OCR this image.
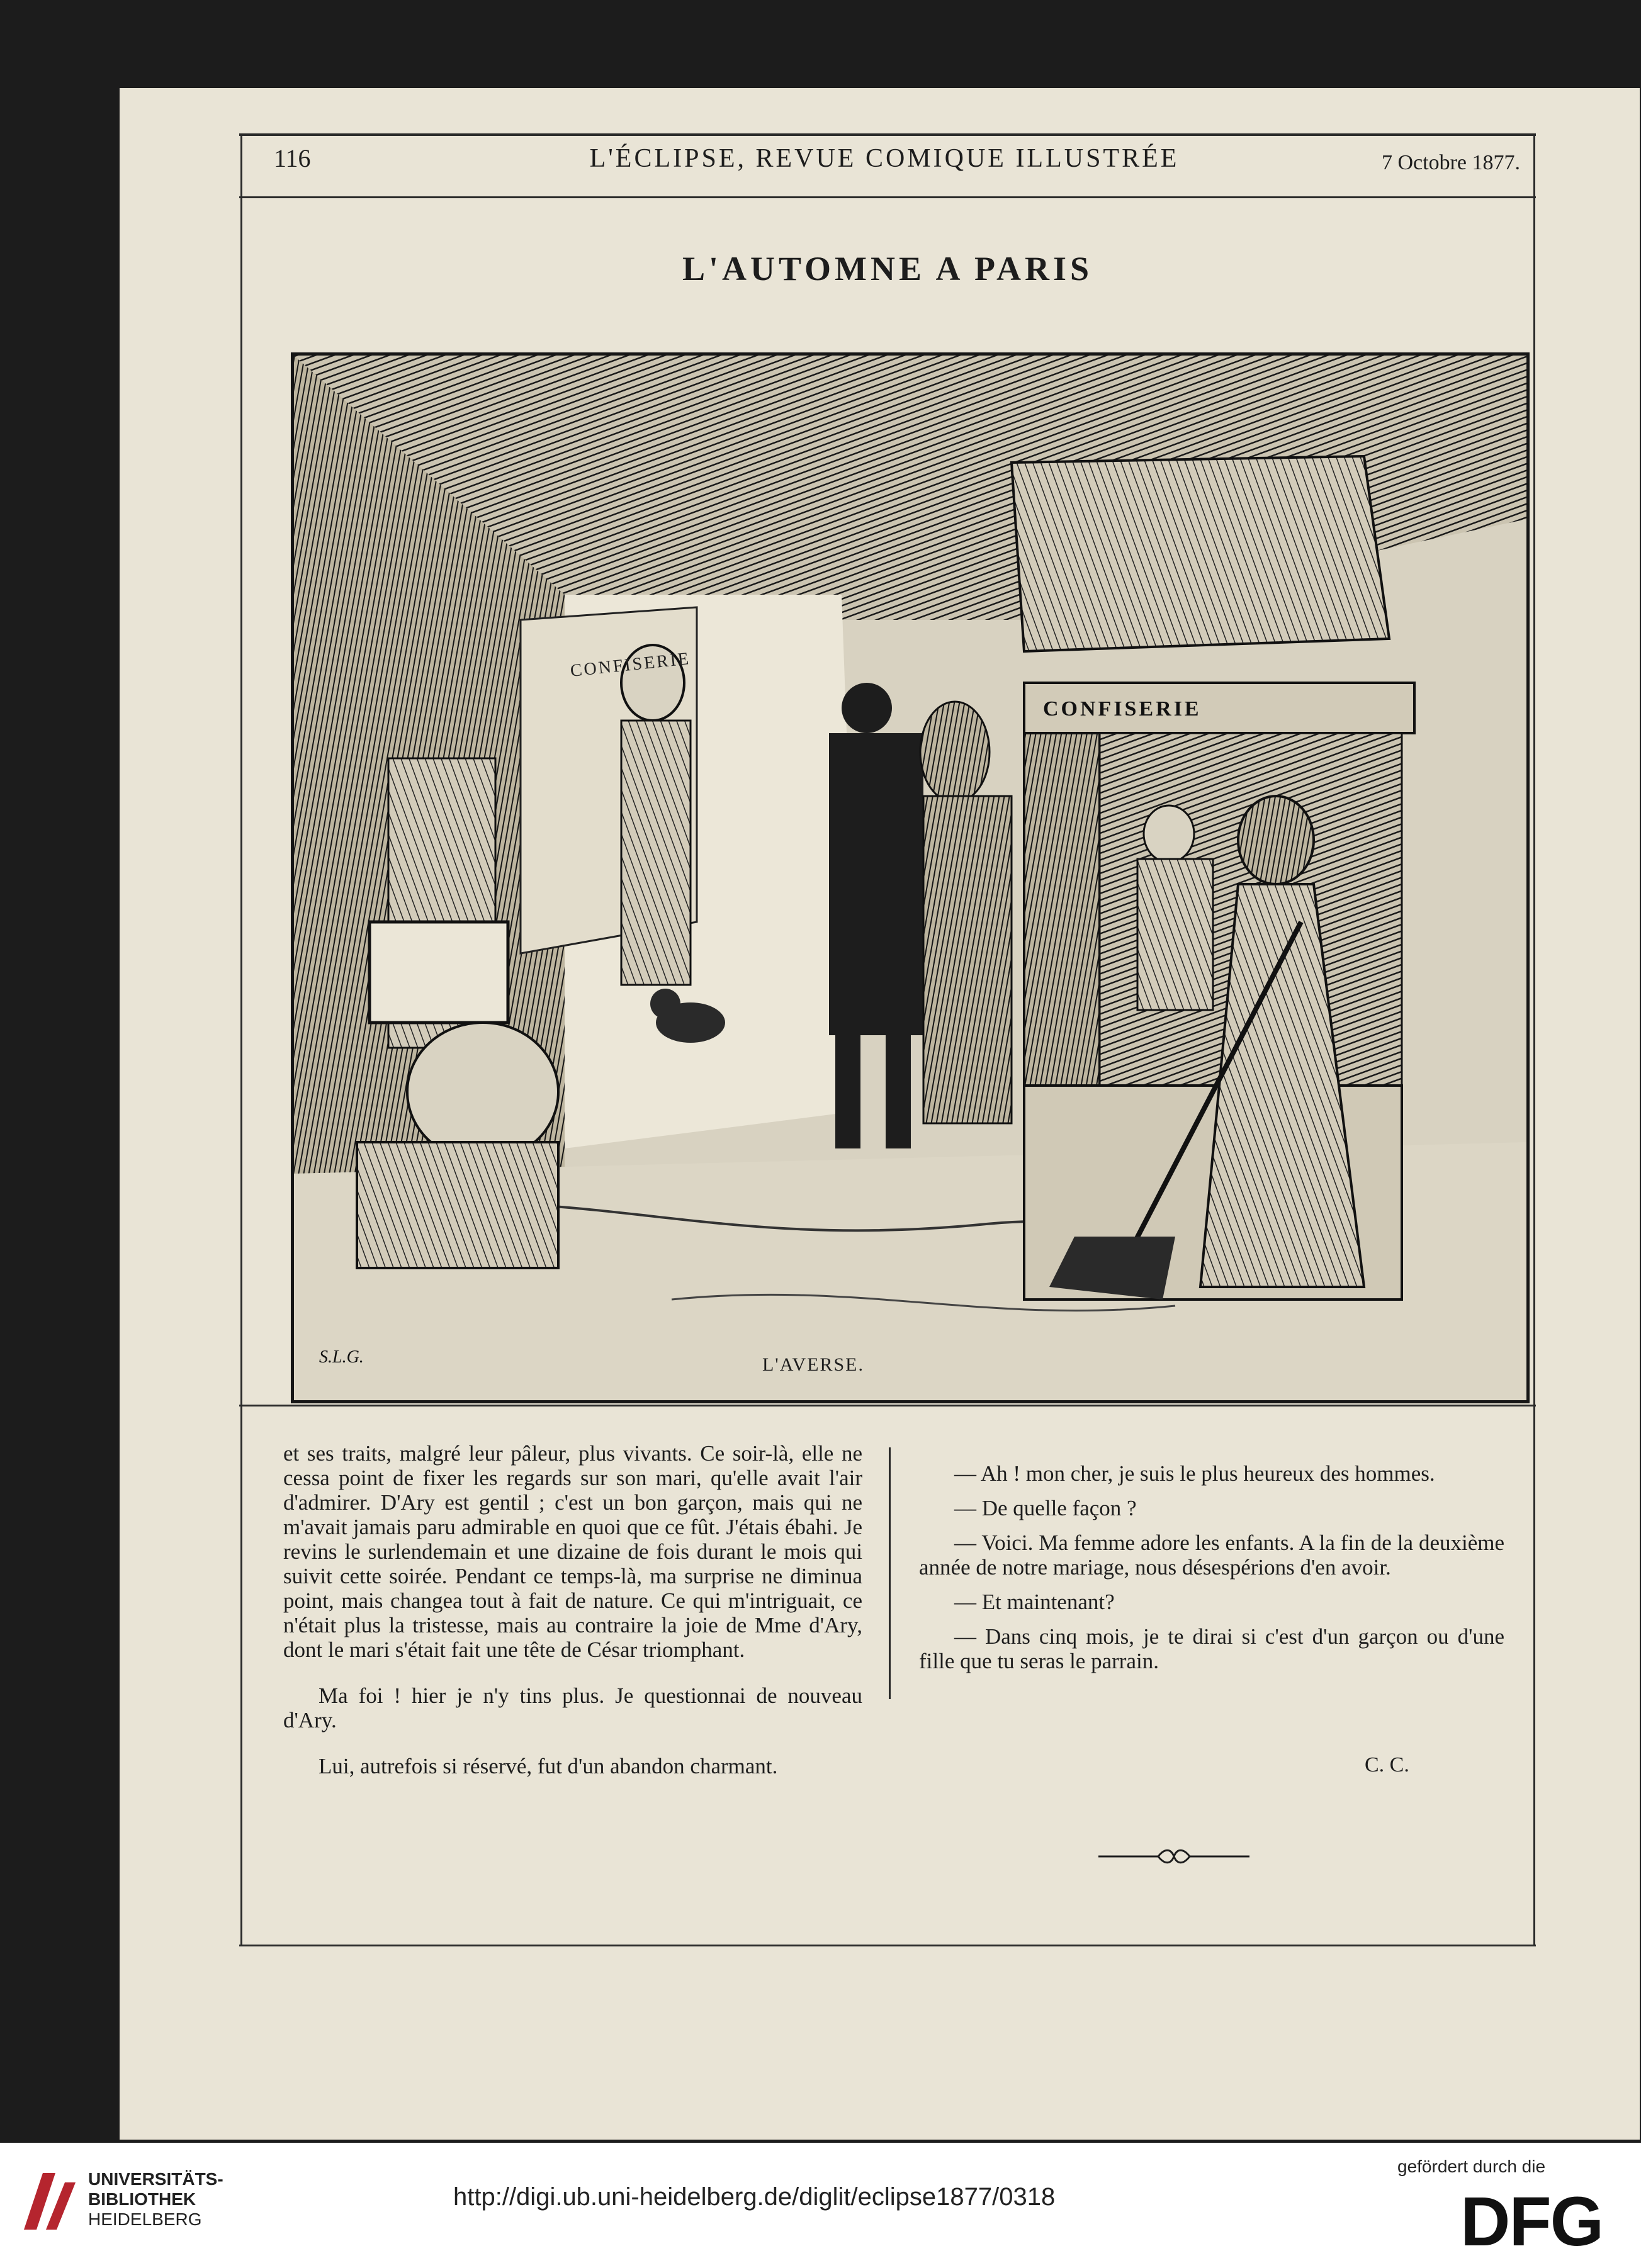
116	L'ÉCLIPSE, REVUE COMIQUE ILLUSTRÉE	7 Octobre 1877.
L'AUTOMNE A PARIS
CONFISERIE
CONFISERIE
S.L.G.	L'AVERSE.

et ses traits, malgré leur pâleur, plus vivants. Ce soir-là, elle ne cessa point de fixer les regards sur son mari, qu'elle avait l'air d'admirer. D'Ary est gentil ; c'est un bon garçon, mais qui ne m'avait jamais paru admirable en quoi que ce fût. J'étais ébahi. Je revins le surlendemain et une dizaine de fois durant le mois qui suivit cette soirée. Pendant ce temps-là, ma surprise ne diminua point, mais changea tout à fait de nature. Ce qui m'intriguait, ce n'était plus la tristesse, mais au contraire la joie de Mme d'Ary, dont le mari s'était fait une tête de César triomphant.

Ma foi ! hier je n'y tins plus. Je questionnai de nouveau d'Ary.

Lui, autrefois si réservé, fut d'un abandon charmant.

— Ah ! mon cher, je suis le plus heureux des hommes.

— De quelle façon ?

— Voici. Ma femme adore les enfants. A la fin de la deuxième année de notre mariage, nous désespérions d'en avoir.

— Et maintenant?

— Dans cinq mois, je te dirai si c'est d'un garçon ou d'une fille que tu seras le parrain.

C. C.
UNIVERSITÄTS-
BIBLIOTHEK
HEIDELBERG
http://digi.ub.uni-heidelberg.de/diglit/eclipse1877/0318
gefördert durch die
DFG
